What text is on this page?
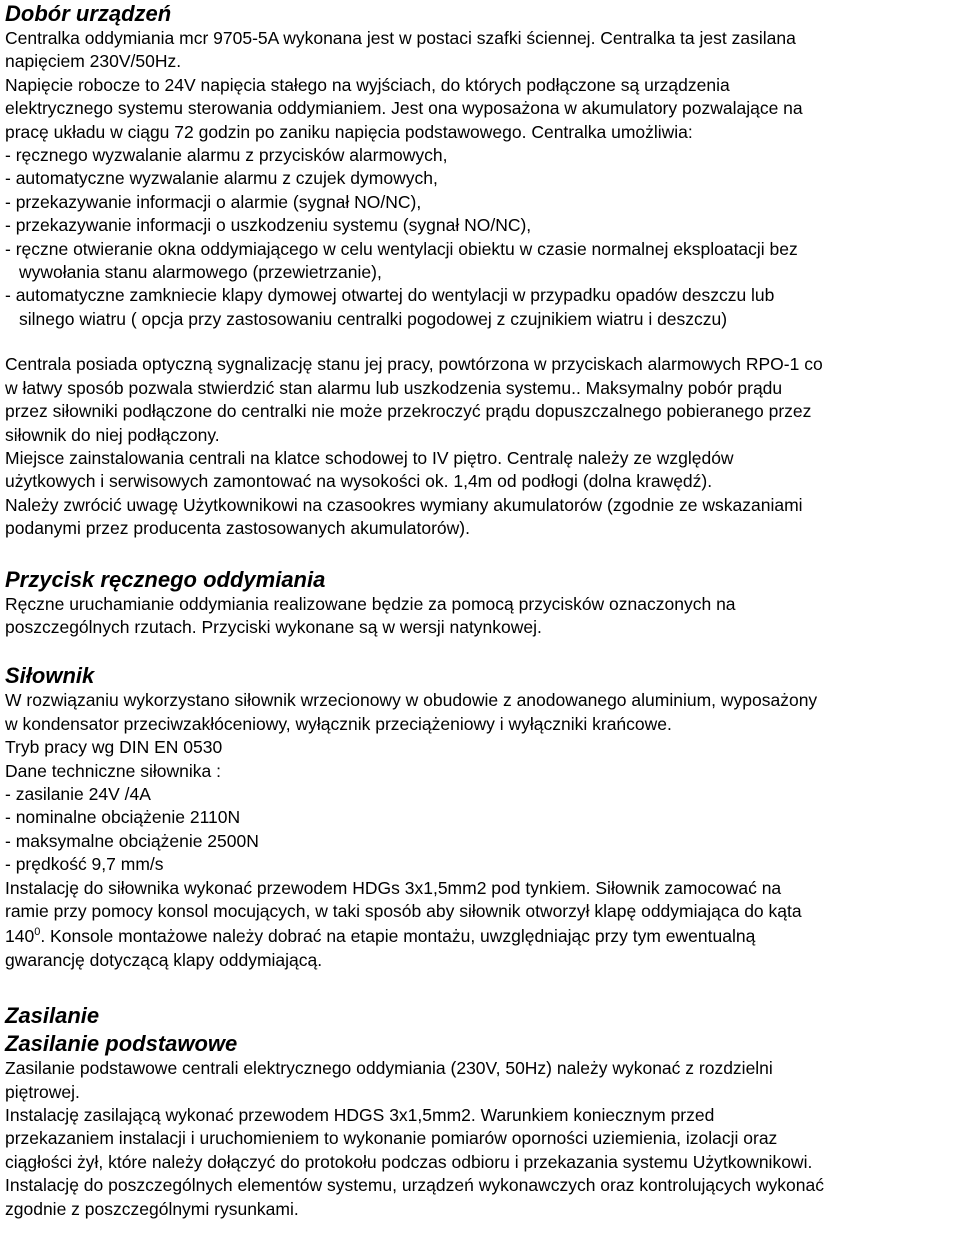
Dobór urządzeń

Centralka oddymiania mcr 9705-5A wykonana jest w postaci szafki ściennej. Centralka ta jest zasilana

napięciem 230V/50Hz.

Napięcie robocze to 24V napięcia stałego na wyjściach, do których podłączone są urządzenia

elektrycznego systemu sterowania oddymianiem. Jest ona wyposażona w akumulatory pozwalające na

pracę układu w ciągu 72 godzin po zaniku napięcia podstawowego. Centralka umożliwia:

- ręcznego wyzwalanie alarmu z przycisków alarmowych,

- automatyczne wyzwalanie alarmu z czujek dymowych,

- przekazywanie informacji o alarmie (sygnał NO/NC),

- przekazywanie informacji o uszkodzeniu systemu (sygnał NO/NC),

- ręczne otwieranie okna oddymiającego w celu wentylacji obiektu w czasie normalnej eksploatacji bez

wywołania stanu alarmowego (przewietrzanie),

- automatyczne zamkniecie klapy dymowej otwartej do wentylacji w przypadku opadów deszczu lub

silnego wiatru ( opcja przy zastosowaniu centralki pogodowej z czujnikiem wiatru i deszczu)

Centrala posiada optyczną sygnalizację stanu jej pracy, powtórzona w przyciskach alarmowych RPO-1 co

w łatwy sposób pozwala stwierdzić stan alarmu lub uszkodzenia systemu.. Maksymalny pobór prądu

przez siłowniki podłączone do centralki nie może przekroczyć prądu dopuszczalnego pobieranego przez

siłownik do niej podłączony.

Miejsce zainstalowania centrali na klatce schodowej to IV piętro. Centralę należy ze względów

użytkowych i serwisowych zamontować na wysokości ok. 1,4m od podłogi (dolna krawędź).

Należy zwrócić uwagę Użytkownikowi na czasookres wymiany akumulatorów (zgodnie ze wskazaniami

podanymi przez producenta zastosowanych akumulatorów).

Przycisk ręcznego oddymiania

Ręczne uruchamianie oddymiania realizowane będzie za pomocą przycisków oznaczonych na

poszczególnych rzutach. Przyciski wykonane są w wersji natynkowej.

Siłownik

W rozwiązaniu wykorzystano siłownik wrzecionowy w obudowie z anodowanego aluminium, wyposażony

w kondensator przeciwzakłóceniowy, wyłącznik przeciążeniowy i wyłączniki krańcowe.

Tryb pracy wg DIN EN 0530

Dane techniczne siłownika :

- zasilanie 24V /4A

- nominalne obciążenie 2110N

- maksymalne obciążenie 2500N

- prędkość 9,7 mm/s

Instalację do siłownika wykonać przewodem HDGs 3x1,5mm2 pod tynkiem. Siłownik zamocować na

ramie przy pomocy konsol mocujących, w taki sposób aby siłownik otworzył klapę oddymiająca do kąta

$140^0$. Konsole montażowe należy dobrać na etapie montażu, uwzględniając przy tym ewentualną

gwarancję dotyczącą klapy oddymiającą.

Zasilanie
Zasilanie podstawowe

Zasilanie podstawowe centrali elektrycznego oddymiania (230V, 50Hz) należy wykonać z rozdzielni

piętrowej.

Instalację zasilającą wykonać przewodem HDGS 3x1,5mm2. Warunkiem koniecznym przed

przekazaniem instalacji i uruchomieniem to wykonanie pomiarów oporności uziemienia, izolacji oraz

ciągłości żył, które należy dołączyć do protokołu podczas odbioru i przekazania systemu Użytkownikowi.

Instalację do poszczególnych elementów systemu, urządzeń wykonawczych oraz kontrolujących wykonać

zgodnie z poszczególnymi rysunkami.
